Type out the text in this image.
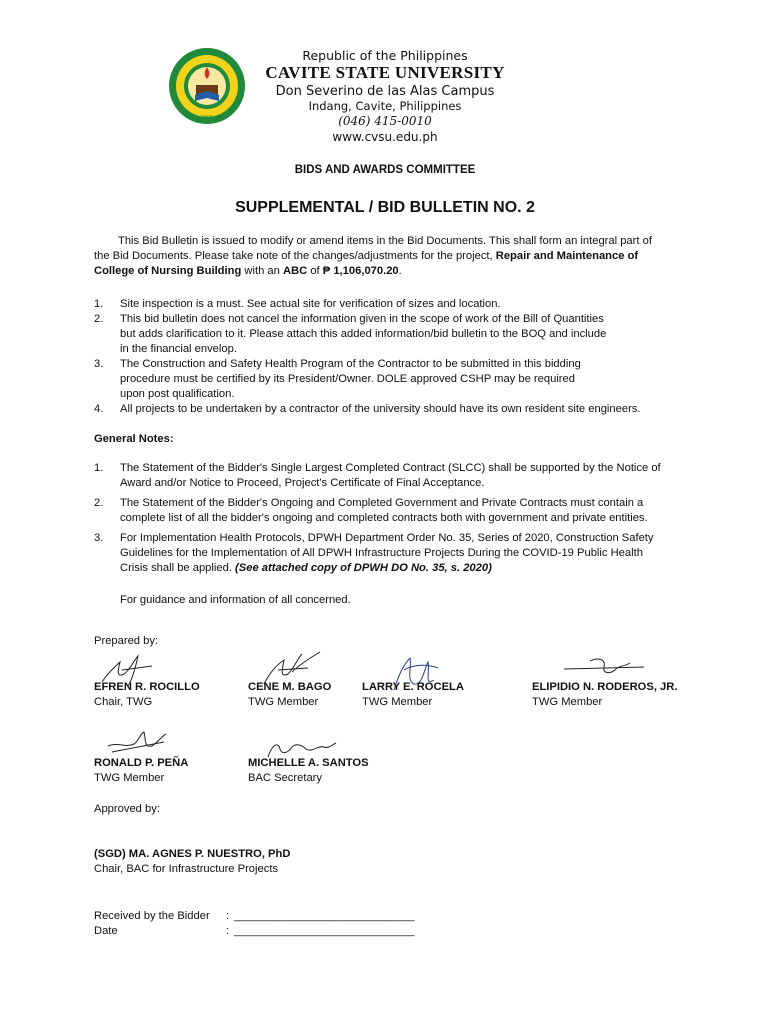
1906
Republic of the Philippines
CAVITE STATE UNIVERSITY
Don Severino de las Alas Campus
Indang, Cavite, Philippines
(046) 415-0010
www.cvsu.edu.ph
BIDS AND AWARDS COMMITTEE
SUPPLEMENTAL / BID BULLETIN NO. 2
This Bid Bulletin is issued to modify or amend items in the Bid Documents. This shall form an integral part of
the Bid Documents. Please take note of the changes/adjustments for the project, Repair and Maintenance of
College of Nursing Building with an ABC of ₱ 1,106,070.20.
1. Site inspection is a must. See actual site for verification of sizes and location.
2. This bid bulletin does not cancel the information given in the scope of work of the Bill of Quantities
but adds clarification to it. Please attach this added information/bid bulletin to the BOQ and include
in the financial envelop.
3. The Construction and Safety Health Program of the Contractor to be submitted in this bidding
procedure must be certified by its President/Owner. DOLE approved CSHP may be required
upon post qualification.
4. All projects to be undertaken by a contractor of the university should have its own resident site engineers.
General Notes:
1. The Statement of the Bidder's Single Largest Completed Contract (SLCC) shall be supported by the Notice of
Award and/or Notice to Proceed, Project's Certificate of Final Acceptance.
2. The Statement of the Bidder's Ongoing and Completed Government and Private Contracts must contain a
complete list of all the bidder's ongoing and completed contracts both with government and private entities.
3. For Implementation Health Protocols, DPWH Department Order No. 35, Series of 2020, Construction Safety
Guidelines for the Implementation of All DPWH Infrastructure Projects During the COVID-19 Public Health
Crisis shall be applied. (See attached copy of DPWH DO No. 35, s. 2020)
For guidance and information of all concerned.
Prepared by:
EFREN R. ROCILLO
Chair, TWG
CENE M. BAGO
TWG Member
LARRY E. ROCELA
TWG Member
ELIPIDIO N. RODEROS, JR.
TWG Member
RONALD P. PEÑA
TWG Member
MICHELLE A. SANTOS
BAC Secretary
Approved by:
(SGD) MA. AGNES P. NUESTRO, PhD
Chair, BAC for Infrastructure Projects
Received by the Bidder : _____________________________
Date	: _____________________________
